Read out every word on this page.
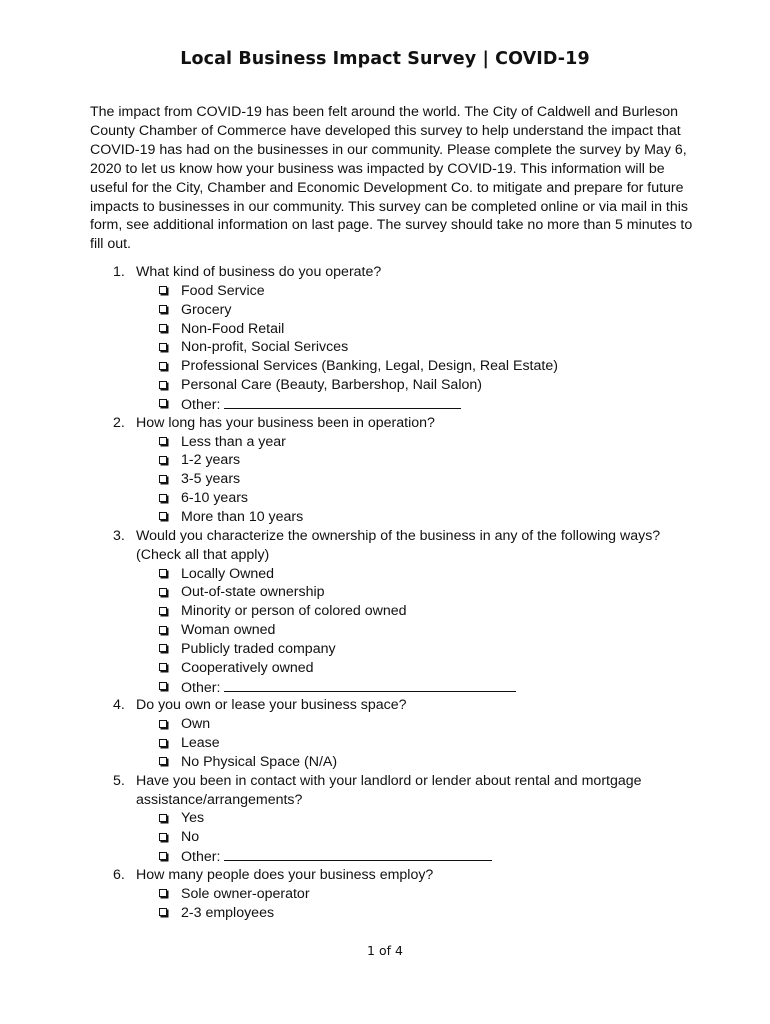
Local Business Impact Survey | COVID-19
The impact from COVID-19 has been felt around the world. The City of Caldwell and Burleson
County Chamber of Commerce have developed this survey to help understand the impact that
COVID-19 has had on the businesses in our community. Please complete the survey by May 6,
2020 to let us know how your business was impacted by COVID-19. This information will be
useful for the City, Chamber and Economic Development Co. to mitigate and prepare for future
impacts to businesses in our community. This survey can be completed online or via mail in this
form, see additional information on last page. The survey should take no more than 5 minutes to
fill out.
1. What kind of business do you operate?
Food Service
Grocery
Non-Food Retail
Non-profit, Social Serivces
Professional Services (Banking, Legal, Design, Real Estate)
Personal Care (Beauty, Barbershop, Nail Salon)
Other:
2. How long has your business been in operation?
Less than a year
1-2 years
3-5 years
6-10 years
More than 10 years
3. Would you characterize the ownership of the business in any of the following ways?
(Check all that apply)
Locally Owned
Out-of-state ownership
Minority or person of colored owned
Woman owned
Publicly traded company
Cooperatively owned
Other:
4. Do you own or lease your business space?
Own
Lease
No Physical Space (N/A)
5. Have you been in contact with your landlord or lender about rental and mortgage
assistance/arrangements?
Yes
No
Other:
6. How many people does your business employ?
Sole owner-operator
2-3 employees
1 of 4
